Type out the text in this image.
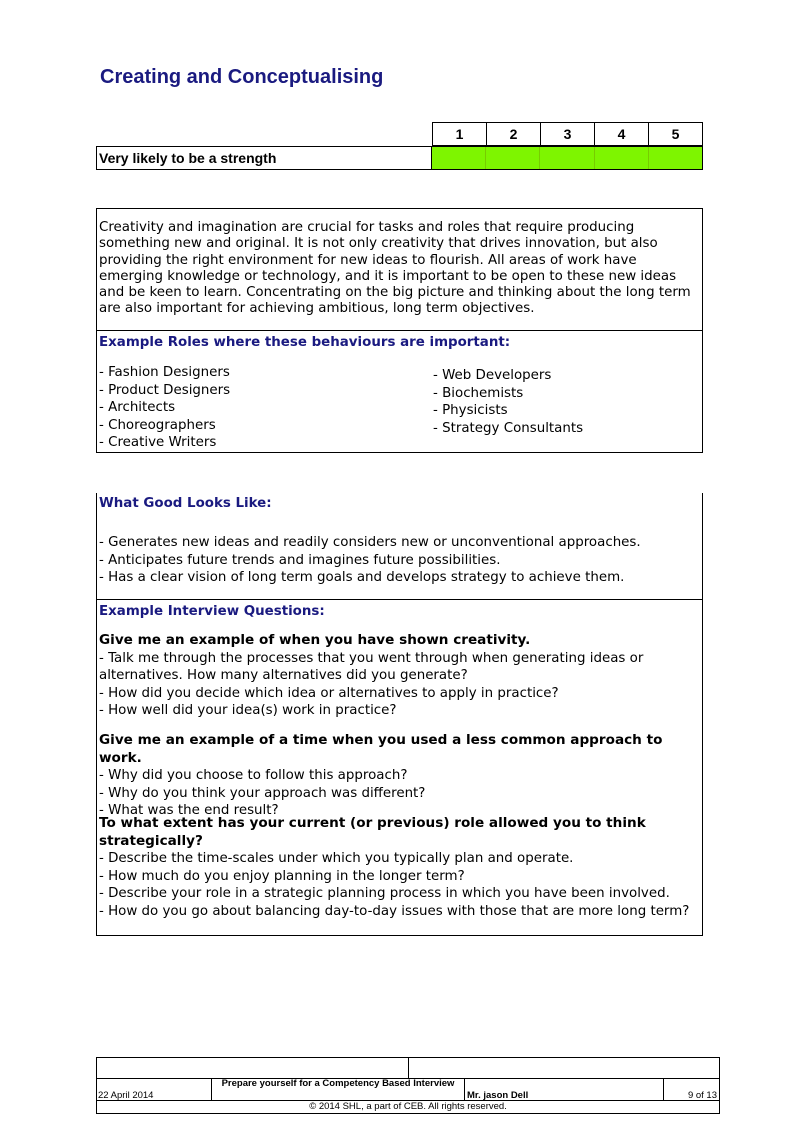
Creating and Conceptualising
1	2	3	4	5
Very likely to be a strength
Creativity and imagination are crucial for tasks and roles that require producing something new and original. It is not only creativity that drives innovation, but also providing the right environment for new ideas to flourish. All areas of work have emerging knowledge or technology, and it is important to be open to these new ideas and be keen to learn. Concentrating on the big picture and thinking about the long term are also important for achieving ambitious, long term objectives.
Example Roles where these behaviours are important:
- Fashion Designers
- Product Designers
- Architects
- Choreographers
- Creative Writers
- Web Developers
- Biochemists
- Physicists
- Strategy Consultants
What Good Looks Like:
- Generates new ideas and readily considers new or unconventional approaches.
- Anticipates future trends and imagines future possibilities.
- Has a clear vision of long term goals and develops strategy to achieve them.
Example Interview Questions:
Give me an example of when you have shown creativity.
- Talk me through the processes that you went through when generating ideas or alternatives. How many alternatives did you generate?
- How did you decide which idea or alternatives to apply in practice?
- How well did your idea(s) work in practice?
Give me an example of a time when you used a less common approach to work.
- Why did you choose to follow this approach?
- Why do you think your approach was different?
- What was the end result?
To what extent has your current (or previous) role allowed you to think strategically?
- Describe the time-scales under which you typically plan and operate.
- How much do you enjoy planning in the longer term?
- Describe your role in a strategic planning process in which you have been involved.
- How do you go about balancing day-to-day issues with those that are more long term?
22 April 2014
Prepare yourself for a Competency Based Interview
Mr. jason Dell	9 of 13
© 2014 SHL, a part of CEB. All rights reserved.
